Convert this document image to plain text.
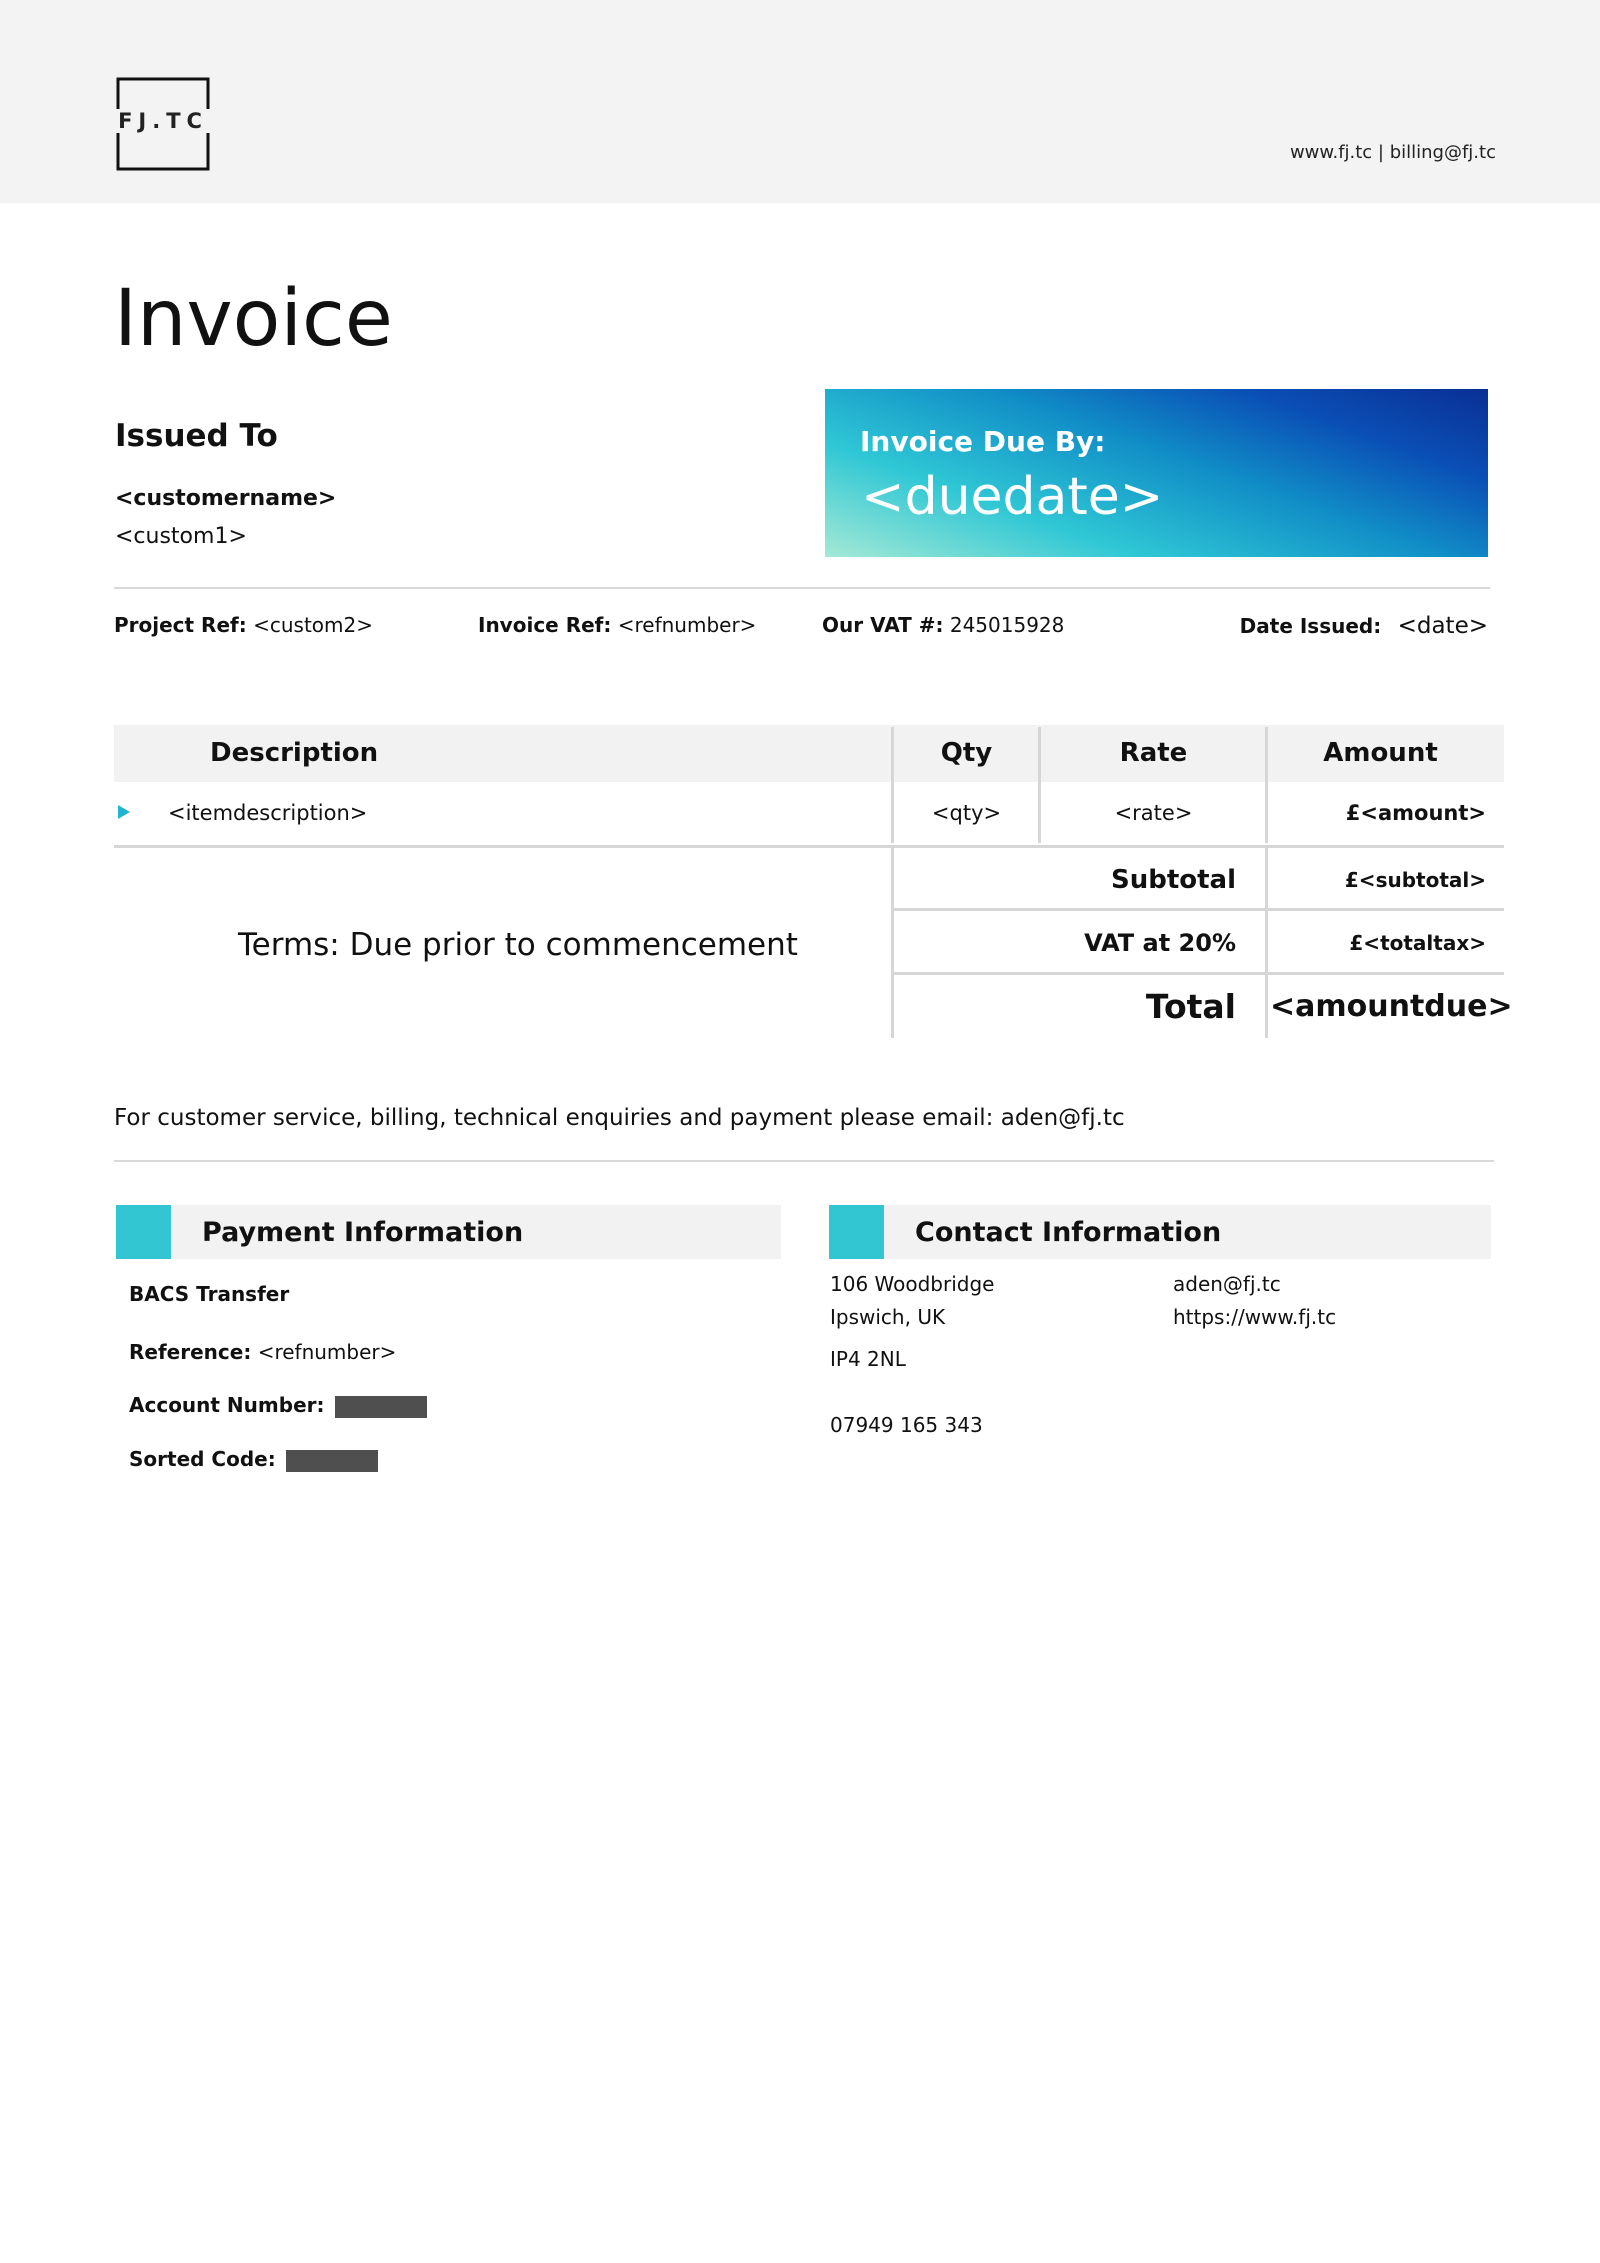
FJ.TC
www.fj.tc | billing@fj.tc
Invoice
Issued To
<customername>
<custom1>
Invoice Due By:
<duedate>
Project Ref: <custom2>	Invoice Ref: <refnumber>	Our VAT #: 245015928	Date Issued: <date>
Description	Qty	Rate	Amount
<itemdescription>	<qty>	<rate>	£<amount>
Terms: Due prior to commencement
Subtotal	£<subtotal>
VAT at 20%	£<totaltax>
Total <amountdue>
For customer service, billing, technical enquiries and payment please email: aden@fj.tc
Payment Information
BACS Transfer
Reference: <refnumber>
Account Number:
Sorted Code:
Contact Information
106 Woodbridge
Ipswich, UK
IP4 2NL
07949 165 343
aden@fj.tc
https://www.fj.tc
